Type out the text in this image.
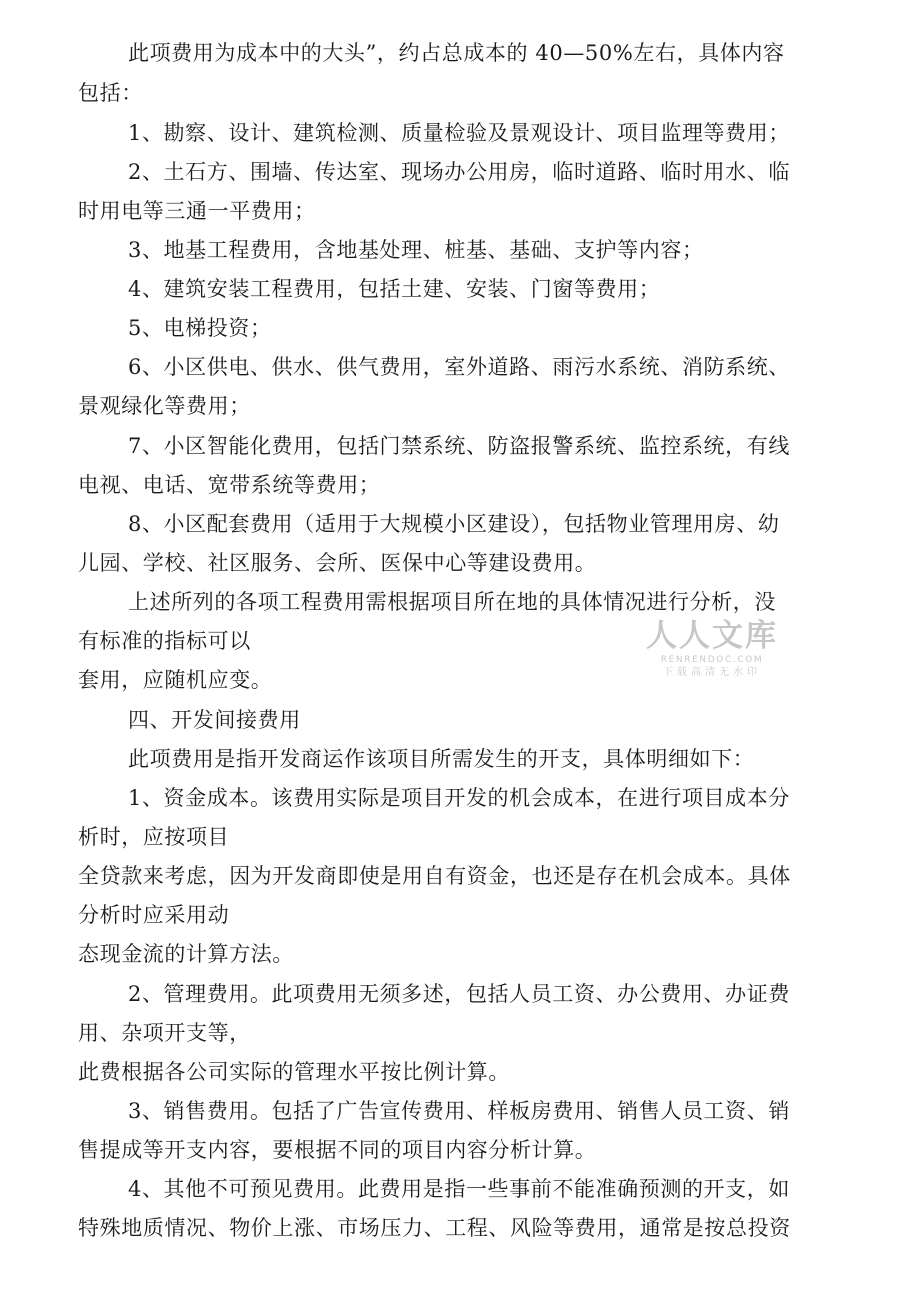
此项费用为成本中的大头”，约占总成本的 40—50%左右，具体内容
包括：
1、勘察、设计、建筑检测、质量检验及景观设计、项目监理等费用；
2、土石方、围墙、传达室、现场办公用房，临时道路、临时用水、临
时用电等三通一平费用；
3、地基工程费用，含地基处理、桩基、基础、支护等内容；
4、建筑安装工程费用，包括土建、安装、门窗等费用；
5、电梯投资；
6、小区供电、供水、供气费用，室外道路、雨污水系统、消防系统、
景观绿化等费用；
7、小区智能化费用，包括门禁系统、防盗报警系统、监控系统，有线
电视、电话、宽带系统等费用；
8、小区配套费用（适用于大规模小区建设），包括物业管理用房、幼
儿园、学校、社区服务、会所、医保中心等建设费用。
上述所列的各项工程费用需根据项目所在地的具体情况进行分析，没
有标准的指标可以
套用，应随机应变。
四、开发间接费用
此项费用是指开发商运作该项目所需发生的开支，具体明细如下：
1、资金成本。该费用实际是项目开发的机会成本，在进行项目成本分
析时，应按项目
全贷款来考虑，因为开发商即使是用自有资金，也还是存在机会成本。具体
分析时应采用动
态现金流的计算方法。
2、管理费用。此项费用无须多述，包括人员工资、办公费用、办证费
用、杂项开支等，
此费根据各公司实际的管理水平按比例计算。
3、销售费用。包括了广告宣传费用、样板房费用、销售人员工资、销
售提成等开支内容，要根据不同的项目内容分析计算。
4、其他不可预见费用。此费用是指一些事前不能准确预测的开支，如
特殊地质情况、物价上涨、市场压力、工程、风险等费用，通常是按总投资
人人文库
RENRENDOC.COM
下载高清无水印
